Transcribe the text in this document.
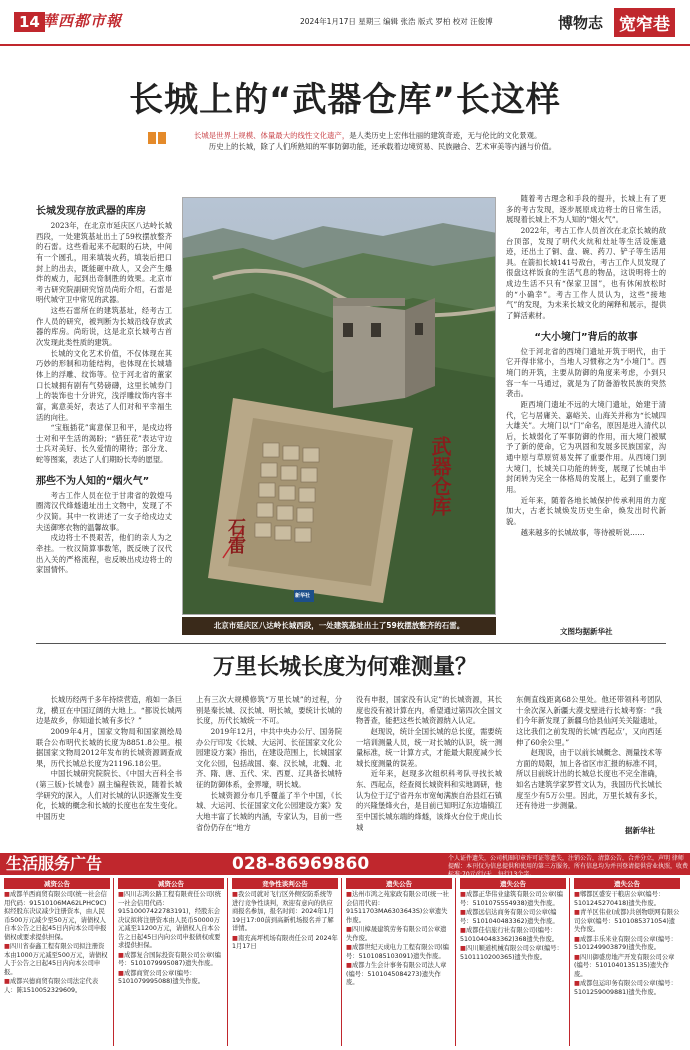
14 華西都市報	2024年1月17日 星期三 编辑 张浩 版式 罗柏 校对 汪俊博	博物志 宽窄巷
长城上的“武器仓库”长这样
长城是世界上规模、体量最大的线性文化遗产，是人类历史上宏伟壮丽的建筑奇迹，无与伦比的文化景观。
历史上的长城，除了人们所熟知的军事防御功能，还承载着边境贸易、民族融合、艺术审美等内涵与价值。
长城发现存放武器的库房

2023年，在北京市延庆区八达岭长城西段，一处建筑基址出土了59枚摆放整齐的石雷。这些看起来不起眼的石块，中间有一个圆孔，用来填装火药，填装后把口封上的出去，既能砸中敌人，又会产生爆炸的威力，起到出奇制胜的效果。北京市考古研究院副研究馆员尚珩介绍，石雷是明代城守卫中常见的武器。

这些石雷所在的建筑基址，经考古工作人员的研究，被判断为长城沿线存放武器的库房。尚珩说，这是北京长城考古首次发现此类性质的建筑。

长城的文化艺术价值，不仅体现在其巧妙的形制和功能结构，也体现在长城墙体上的浮雕、纹饰等。位于河北省的董家口长城拥有剧有气势磅礴，这里长城券门上的装饰也十分讲究，浅浮雕纹饰内容丰富，寓意美好，表达了人们对和平幸福生活的向往。

“宝瓶插花”寓意保卫和平，是戍边将士对和平生活的渴盼；“猎狂花”表达守边士兵对美好、长久爱情的期待；部分龙、蛇等图案，表达了人们期盼长寿的愿望。

那些不为人知的“烟火气”

考古工作人员在位于甘肃省的敦煌马圈湾汉代烽燧遗址出土文物中，发现了不少汉简。其中一枚讲述了一女子给戍边丈夫送御寒衣物的温馨故事。

戍边将士不畏艰苦，他们的亲人为之牵挂。一枚汉简算事数笔，既反映了汉代出入关的严格流程，也反映出戍边将士的家国情怀。

武器仓库
石雷
新华社
北京市延庆区八达岭长城西段，一处建筑基址出土了59枚摆放整齐的石雷。

随着考古理念和手段的提升，长城上有了更多的考古发现，逐步展原成边将士的日常生活，展现着长城上不为人知的“烟火气”。

2022年，考古工作人员首次在北京长城的敌台顶部，发现了明代火炕和灶址等生活设施遗迹，还出土了铜、盘、碗、药刀、铲子等生活用具。在箭扣长城141号敌台，考古工作人员发现了很盘这样饭食的生活气息的物品，这说明将士的成边生活不只有“保家卫国”，也有休闲放松时的“小确幸”。考古工作人员认为，这些“接地气”的发现，为未来长城文化的阐释和展示，提供了鲜活素材。

“大小境门”背后的故事

位于河北省的西境门遗址开筑于明代，由于它开得非常小，当地人习惯称之为“小境门”。西境门的开筑，主要从防御的角度来考虑，小到只容一车一马通过，就是为了防备游牧民族的突然袭击。

距西境门遗址不远的大境门遗址，始建于清代，它与居庸关、嘉峪关、山海关并称为“长城四大雄关”。大境门以“门”命名，原因是进入清代以后，长城弱化了军事防御的作用，而大境门被赋予了新的使命，它为巩固和发展多民族国家，沟通中原与草原贸易发挥了重要作用。从西境门到大境门，长城关口功能的转变，展现了长城由半封闭转为完全一体格局的发展上，起到了重要作用。

近年来，随着各地长城保护传承利用的力度加大，古老长城焕发历史生命，焕发出时代新貌。

越来越多的长城故事，等待被听说……

文图均据新华社
万里长城长度为何难测量？

长城历经两千多年持续营造，痕如一条巨龙，横亘在中国辽阔的大地上。“都说长城两边是故乡，你知道长城有多长？”

2009年4月，国家文物局和国家测绘局联合公布明代长城的长度为8851.8公里。根据国家文物局2012年发布的长城资源调查成果，历代长城总长度为21196.18公里。

中国长城研究院院长、《中国大百科全书(第三版)·长城卷》副主编程铁说，随着长城学研究的深入，人们对长城的认识逐渐发生变化，长城的概念和长城的长度也在发生变化。中国历史

上有三次大规模修筑“万里长城”的过程，分别是秦长城、汉长城、明长城，要统计长城的长度，历代长城统一不可。

2019年12月，中共中央办公厅、国务院办公厅印发《长城、大运河、长征国家文化公园建设方案》指出，在建设范围上，长城国家文化公园，包括战国、秦、汉长城，北魏、北齐、隋、唐、五代、宋、西夏、辽具备长城特征的防御体系，金界壕，明长城。

长城资源分布几乎覆盖了半个中国，《长城、大运河、长征国家文化公园建设方案》发大地丰富了长城的内涵，专家认为，目前一些省份仍存在“地方

没有申报，国家没有认定”的长城资源，其长度也没有被计算在内，希望通过第四次全国文物普查，能把这些长城资源纳入认定。

赵现说，统计全国长城的总长度，需要统一培训测量人员，统一对长城的认识，统一测量标准，统一计算方式，才能最大限度减少长城长度测量的误差。

近年来，赵现多次组织科考队寻找长城东、西起点，经查阅长城资料和实地调研，他认为位于辽宁省丹东市宽甸满族自治县红石镇的兴隆堡烽火台，是目前已知明辽东边墙镇江至中国长城东端的烽燧，该烽火台位于虎山长城

东侧直线距离68公里处。他还带领科考团队十余次深入新疆大漠戈壁进行长城考察：“我们今年新发现了新疆乌恰县仙河关关隘遗址，这比我们之前发现的长城‘西起点’，又向西延伸了60余公里。”

赵现说，由于以前长城概念、测量技术等方面的局限，加上各省区市汇报的标准不同，所以目前统计出的长城总长度也不完全准确，如名古建筑学家罗哲文认为，我国历代长城长度至少有5万公里。因此，万里长城有多长，还有待进一步测量。

据新华社
生活服务广告	028-86969860	个人证件遗失，公司机圈印章许可证等遗失，注销公告，清算公告，合并分立，声明 律师提醒：本刊仅为信息提供和使用的第三方服务，所有信息均为并刊登请提供营业执照，收费标准:70元/行/天，每行13个字。
减资公告

■ 成都羊西商贸有限公司(统一社会信用代码：91510106MA62LPHC9C)拟经股东决议减少注册资本，由人民币500万元减少至50万元，请债权人自本公告之日起45日内向本公司申报债权或要求提供担保。

■ 四川省泰鑫工程有限公司拟注册资本由1000万元减至500万元，请债权人于公告之日起45日内向本公司申报。

■ 成都兴德商贸有限公司法定代表人：陈1510052329609。

减资公告

■ 四川志鸿公路工程有限责任公司(统一社会信用代码：91510007422783191)，经股东会决议拟将注册资本由人民币50000万元减至11200万元，请债权人自本公告之日起45日内向公司申报债权或要求提供担保。

■ 成都复合国际投资有限公司公章(编号：5101079995087)遗失作废。

■ 成都商贸公司公章(编号：5101079995088)遗失作废。

竞争性谈判公告

■ 我公司就对飞行区外侧安防系统等进行竞争性谈判，欢迎有意向的供应商报名参加，报名时间：2024年1月19日17:00前到高新机场报名并了解详情。

■ 南充高坪机场有限责任公司 2024年1月17日

遗失公告

■ 达州市鸿之苑家政有限公司(统一社会信用代码：91511703MA6303643S)公章遗失作废。

■ 四川樟晟建筑劳务有限公司公章遗失作废。

■ 成都世纪天成电力工程有限公司(编号：5101085103091)遗失作废。

■ 成都力生会计事务有限公司法人章(编号：5101045084273)遗失作废。

遗失公告

■ 成都正华伟业建筑有限公司公章(编号：5101075554938)遗失作废。

■ 成都远信达商务有限公司公章(编号：5101040483362)遗失作废。

■ 成都佳信旅行社有限公司(编号：5101040483362)368遗失作废。

■ 四川顺道机械有限公司公章(编号：5101110200365)遗失作废。

遗失公告

■ 郫都区盛安干粮店公章(编号：5101245270418)遗失作废。

■ 青羊区伟业(成都)共创物联网有限公司公章(编号：5101085371054)遗失作废。

■ 成都丰乐米业有限公司公章(编号：5101249903879)遗失作废。

■ 四川御盛房地产开发有限公司公章(编号：5101040135135)遗失作废。

■ 成都包运印务有限公司公章(编号：5101259009881)遗失作废。
